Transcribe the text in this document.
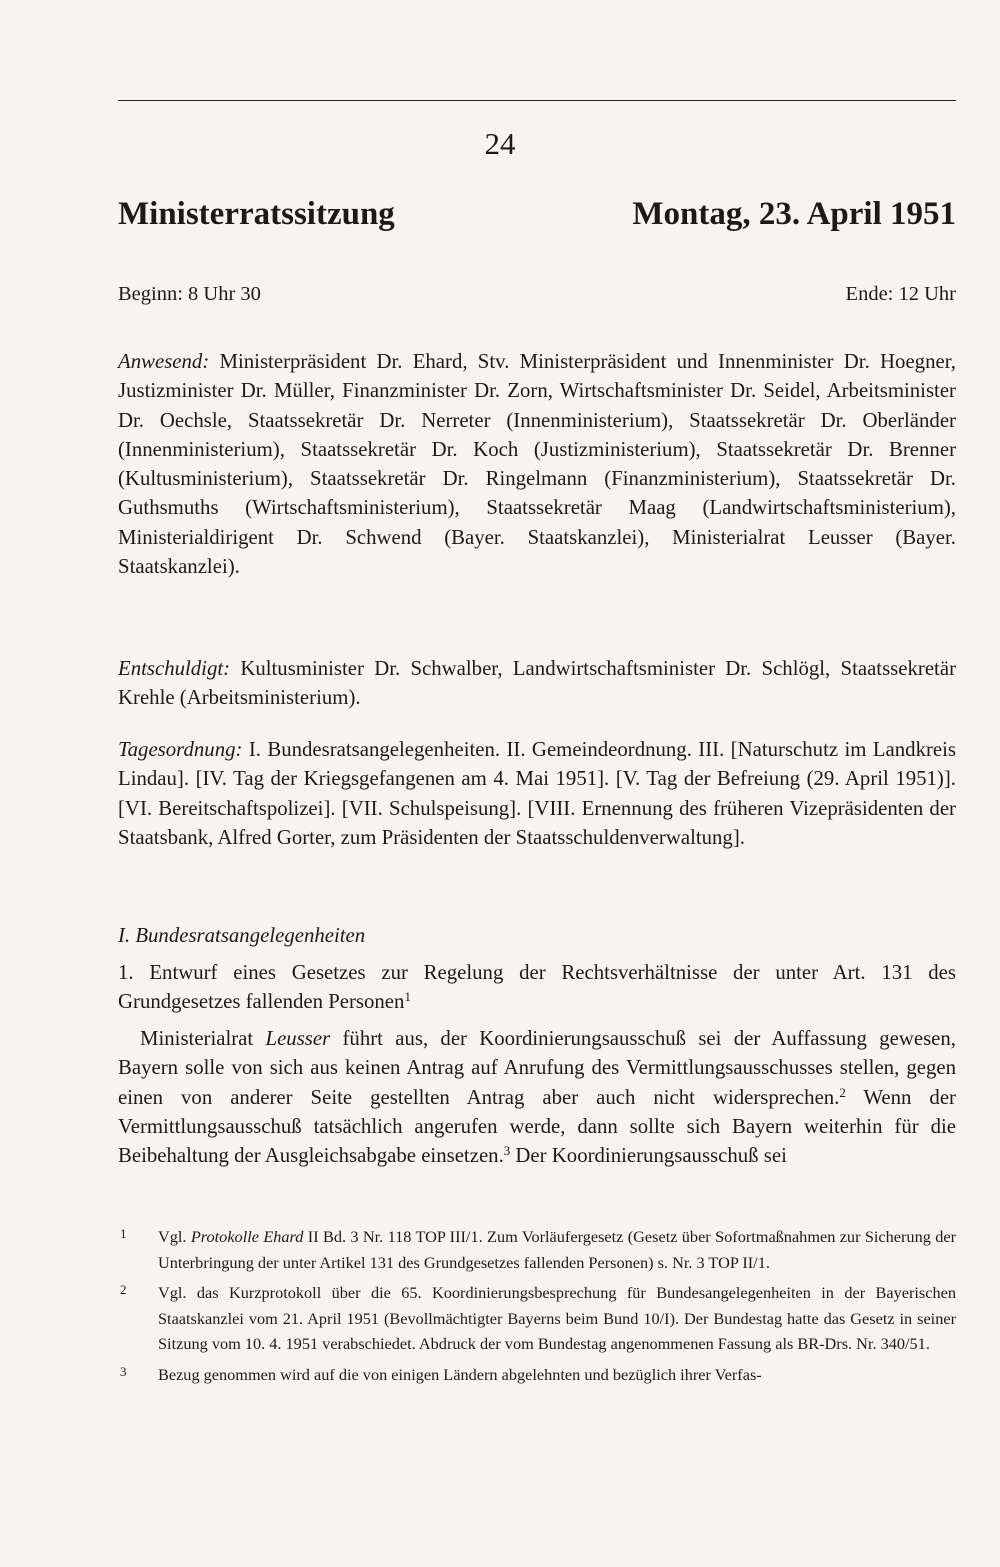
24
Ministerratssitzung	Montag, 23. April 1951
Beginn: 8 Uhr 30	Ende: 12 Uhr

Anwesend: Ministerpräsident Dr. Ehard, Stv. Ministerpräsident und Innenminister Dr. Hoegner, Justizminister Dr. Müller, Finanzminister Dr. Zorn, Wirtschaftsminister Dr. Seidel, Arbeitsminister Dr. Oechsle, Staatssekretär Dr. Nerreter (Innenministerium), Staatssekretär Dr. Oberländer (Innenministerium), Staatssekretär Dr. Koch (Justizministerium), Staatssekretär Dr. Brenner (Kultusministerium), Staatssekretär Dr. Ringelmann (Finanzministerium), Staatssekretär Dr. Guthsmuths (Wirtschaftsministerium), Staatssekretär Maag (Landwirtschaftsministerium), Ministerialdirigent Dr. Schwend (Bayer. Staatskanzlei), Ministerialrat Leusser (Bayer. Staatskanzlei).

Entschuldigt: Kultusminister Dr. Schwalber, Landwirtschaftsminister Dr. Schlögl, Staatssekretär Krehle (Arbeitsministerium).

Tagesordnung: I. Bundesratsangelegenheiten. II. Gemeindeordnung. III. [Naturschutz im Landkreis Lindau]. [IV. Tag der Kriegsgefangenen am 4. Mai 1951]. [V. Tag der Befreiung (29. April 1951)]. [VI. Bereitschaftspolizei]. [VII. Schulspeisung]. [VIII. Ernennung des früheren Vizepräsidenten der Staatsbank, Alfred Gorter, zum Präsidenten der Staatsschuldenverwaltung].

I. Bundesratsangelegenheiten

1. Entwurf eines Gesetzes zur Regelung der Rechtsverhältnisse der unter Art. 131 des Grundgesetzes fallenden Personen$^1$

Ministerialrat Leusser führt aus, der Koordinierungsausschuß sei der Auffassung gewesen, Bayern solle von sich aus keinen Antrag auf Anrufung des Vermittlungsausschusses stellen, gegen einen von anderer Seite gestellten Antrag aber auch nicht widersprechen.$^2$ Wenn der Vermittlungsausschuß tatsächlich angerufen werde, dann sollte sich Bayern weiterhin für die Beibehaltung der Ausgleichsabgabe einsetzen.$^3$ Der Koordinierungsausschuß sei

1 Vgl. Protokolle Ehard II Bd. 3 Nr. 118 TOP III/1. Zum Vorläufergesetz (Gesetz über Sofortmaßnahmen zur Sicherung der Unterbringung der unter Artikel 131 des Grundgesetzes fallenden Personen) s. Nr. 3 TOP II/1.

2 Vgl. das Kurzprotokoll über die 65. Koordinierungsbesprechung für Bundesangelegenheiten in der Bayerischen Staatskanzlei vom 21. April 1951 (Bevollmächtigter Bayerns beim Bund 10/I). Der Bundestag hatte das Gesetz in seiner Sitzung vom 10. 4. 1951 verabschiedet. Abdruck der vom Bundestag angenommenen Fassung als BR-Drs. Nr. 340/51.

3 Bezug genommen wird auf die von einigen Ländern abgelehnten und bezüglich ihrer Verfas-
